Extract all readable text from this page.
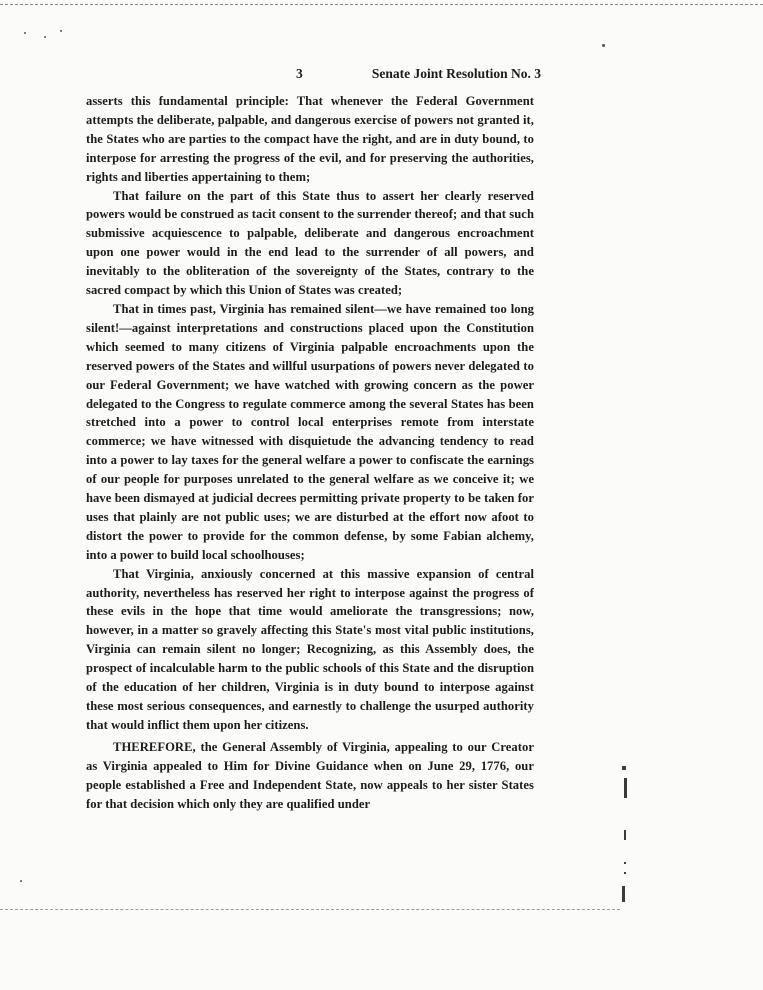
3	Senate Joint Resolution No. 3

asserts this fundamental principle: That whenever the Federal Government attempts the deliberate, palpable, and dangerous exercise of powers not granted it, the States who are parties to the compact have the right, and are in duty bound, to interpose for arresting the progress of the evil, and for preserving the authorities, rights and liberties appertaining to them;

That failure on the part of this State thus to assert her clearly reserved powers would be construed as tacit consent to the surrender thereof; and that such submissive acquiescence to palpable, deliberate and dangerous encroachment upon one power would in the end lead to the surrender of all powers, and inevitably to the obliteration of the sovereignty of the States, contrary to the sacred compact by which this Union of States was created;

That in times past, Virginia has remained silent—we have remained too long silent!—against interpretations and constructions placed upon the Constitution which seemed to many citizens of Virginia palpable encroachments upon the reserved powers of the States and willful usurpations of powers never delegated to our Federal Government; we have watched with growing concern as the power delegated to the Congress to regulate commerce among the several States has been stretched into a power to control local enterprises remote from interstate commerce; we have witnessed with disquietude the advancing tendency to read into a power to lay taxes for the general welfare a power to confiscate the earnings of our people for purposes unrelated to the general welfare as we conceive it; we have been dismayed at judicial decrees permitting private property to be taken for uses that plainly are not public uses; we are disturbed at the effort now afoot to distort the power to provide for the common defense, by some Fabian alchemy, into a power to build local schoolhouses;

That Virginia, anxiously concerned at this massive expansion of central authority, nevertheless has reserved her right to interpose against the progress of these evils in the hope that time would ameliorate the transgressions; now, however, in a matter so gravely affecting this State's most vital public institutions, Virginia can remain silent no longer; Recognizing, as this Assembly does, the prospect of incalculable harm to the public schools of this State and the disruption of the education of her children, Virginia is in duty bound to interpose against these most serious consequences, and earnestly to challenge the usurped authority that would inflict them upon her citizens.

THEREFORE, the General Assembly of Virginia, appealing to our Creator as Virginia appealed to Him for Divine Guidance when on June 29, 1776, our people established a Free and Independent State, now appeals to her sister States for that decision which only they are qualified under
